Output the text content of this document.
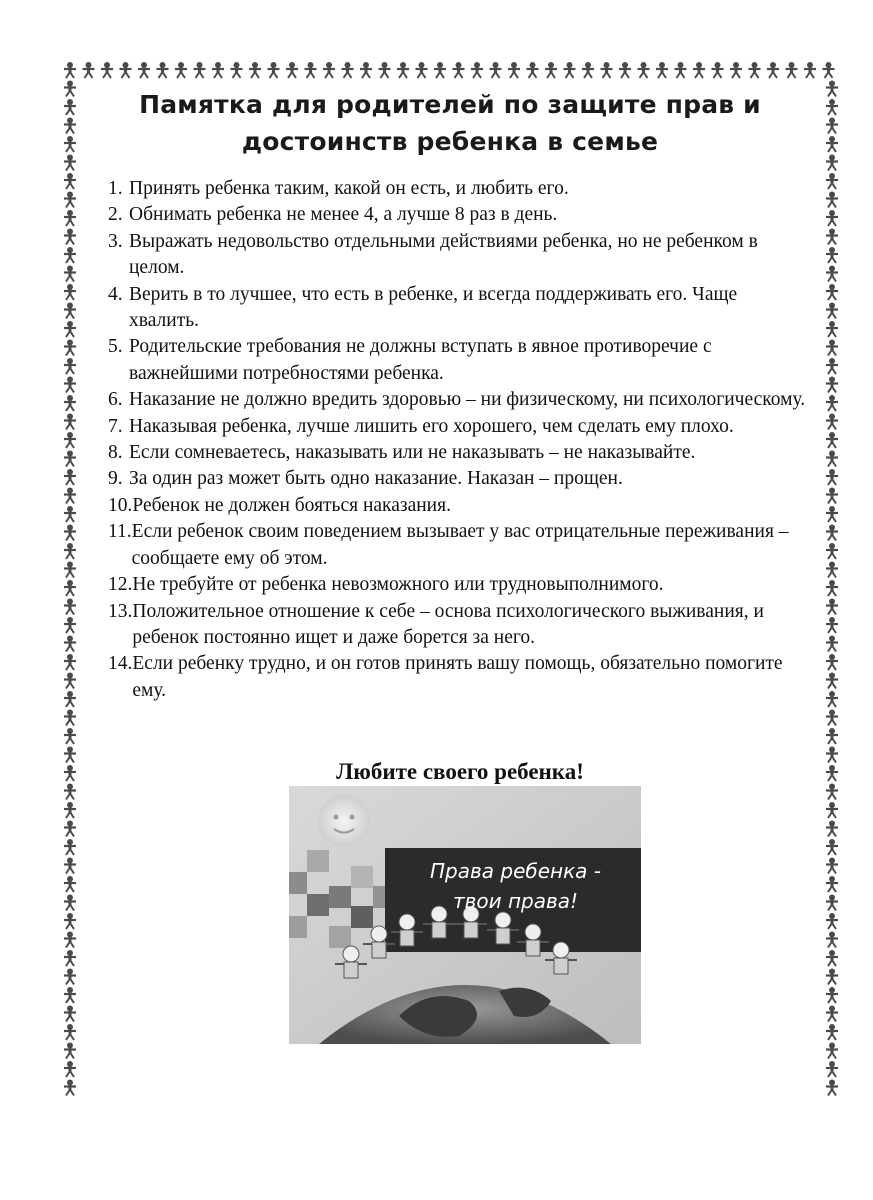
Памятка для родителей по защите прав и достоинств ребенка в семье
1. Принять ребенка таким, какой он есть, и любить его.
2. Обнимать ребенка не менее 4, а лучше 8 раз в день.
3. Выражать недовольство отдельными действиями ребенка, но не ребенком в целом.
4. Верить в то лучшее, что есть в ребенке, и всегда поддерживать его. Чаще хвалить.
5. Родительские требования не должны вступать в явное противоречие с важнейшими потребностями ребенка.
6. Наказание не должно вредить здоровью – ни физическому, ни психологическому.
7. Наказывая ребенка, лучше лишить его хорошего, чем сделать ему плохо.
8. Если сомневаетесь, наказывать или не наказывать – не наказывайте.
9. За один раз может быть одно наказание. Наказан – прощен.
10. Ребенок не должен бояться наказания.
11. Если ребенок своим поведением вызывает у вас отрицательные переживания – сообщаете ему об этом.
12. Не требуйте от ребенка невозможного или трудновыполнимого.
13. Положительное отношение к себе – основа психологического выживания, и ребенок постоянно ищет и даже борется за него.
14. Если ребенку трудно, и он готов принять вашу помощь, обязательно помогите ему.
Любите своего ребенка!
Права ребенка -
твои права!
